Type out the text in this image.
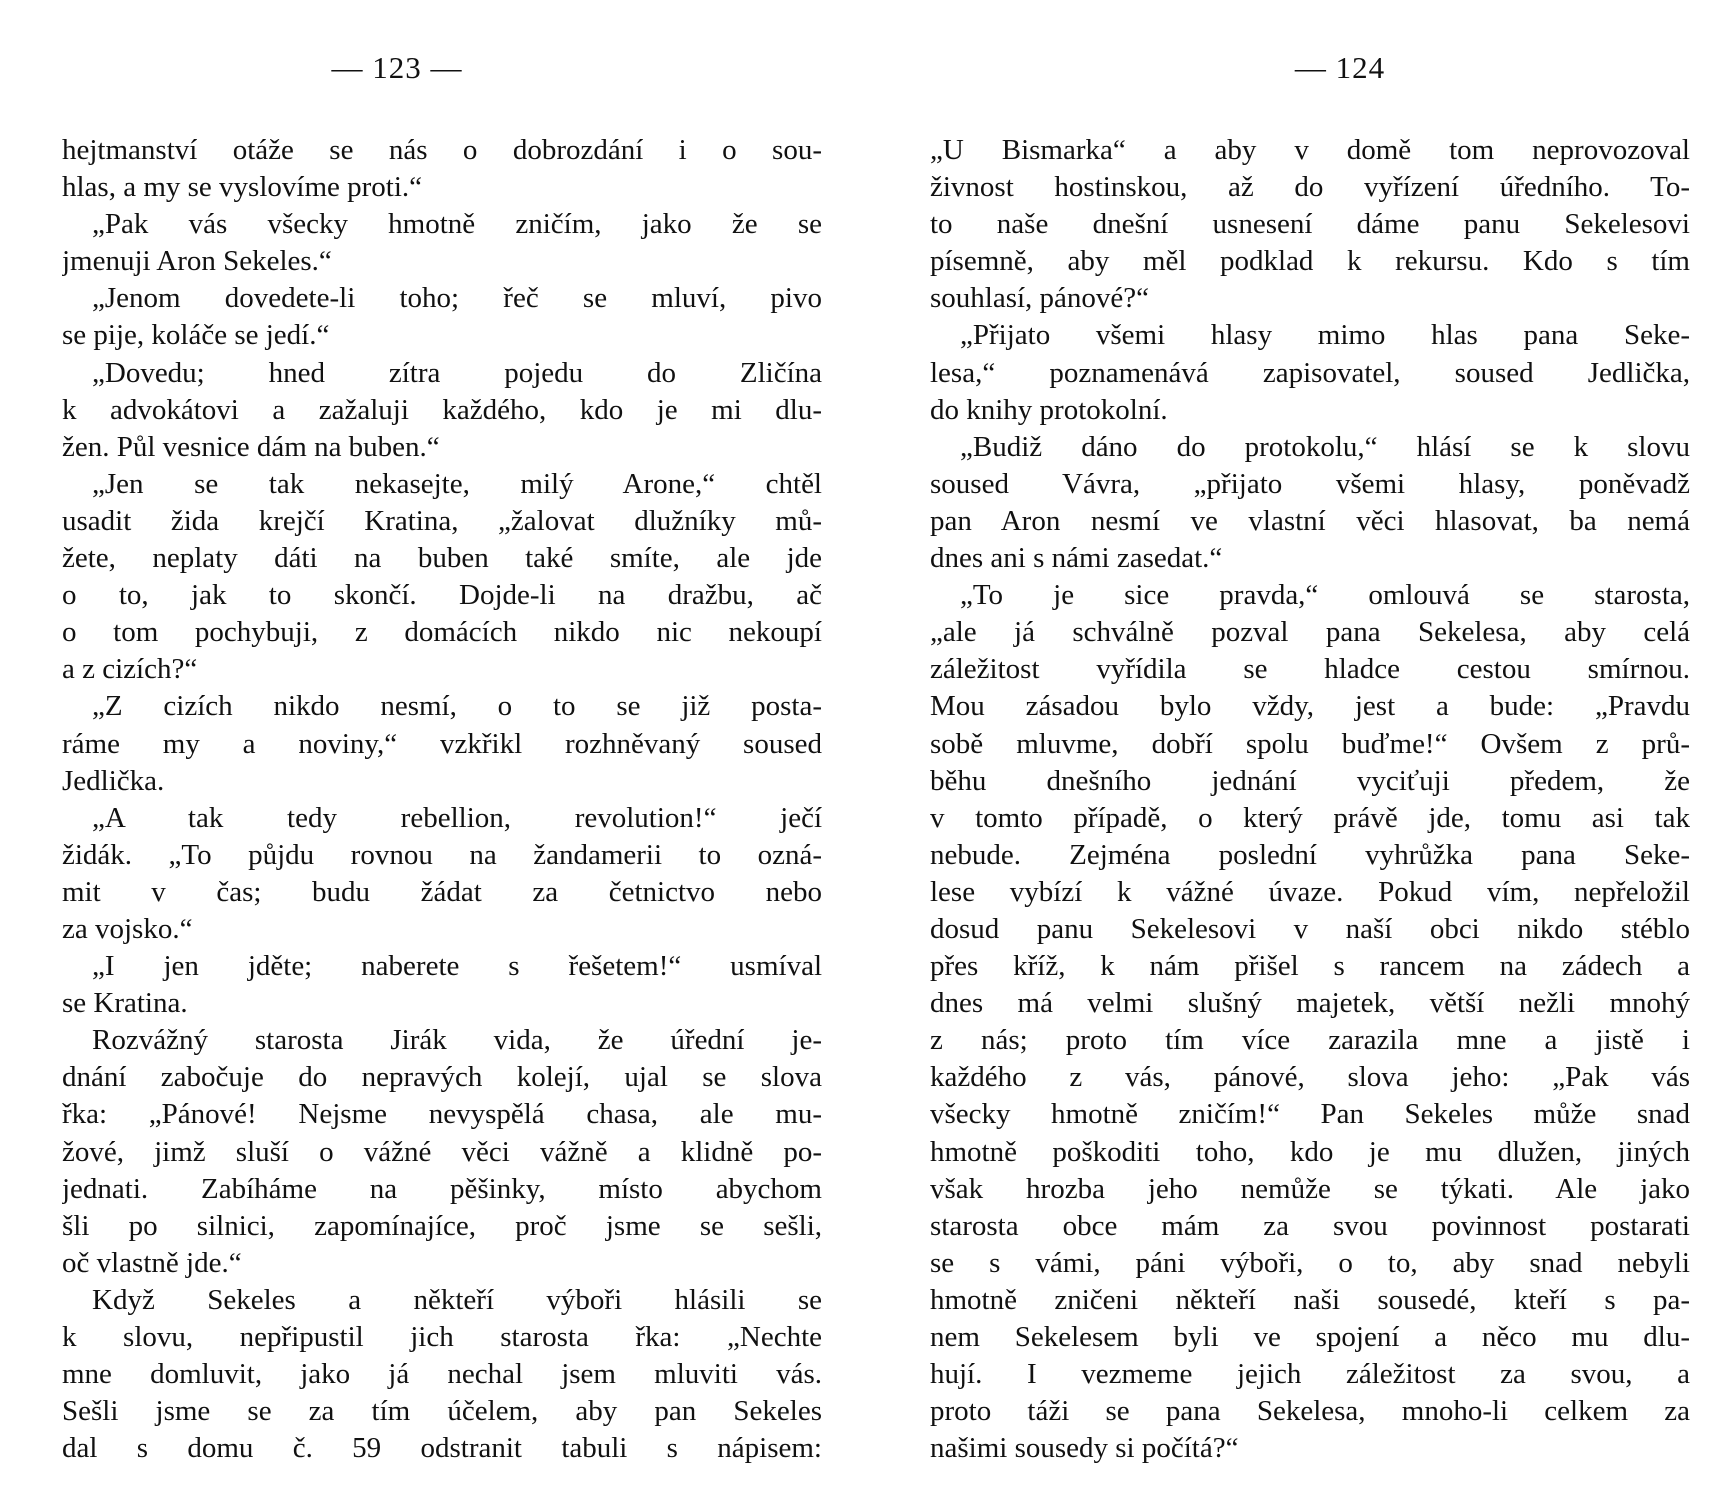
— 123 —
hejtmanství otáže se nás o dobrozdání i o sou-
hlas, a my se vyslovíme proti.“
„Pak vás všecky hmotně zničím, jako že se
jmenuji Aron Sekeles.“
„Jenom dovedete-li toho; řeč se mluví, pivo
se pije, koláče se jedí.“
„Dovedu; hned zítra pojedu do Zličína
k advokátovi a zažaluji každého, kdo je mi dlu-
žen. Půl vesnice dám na buben.“
„Jen se tak nekasejte, milý Arone,“ chtěl
usadit žida krejčí Kratina, „žalovat dlužníky mů-
žete, neplaty dáti na buben také smíte, ale jde
o to, jak to skončí. Dojde-li na dražbu, ač
o tom pochybuji, z domácích nikdo nic nekoupí
a z cizích?“
„Z cizích nikdo nesmí, o to se již posta-
ráme my a noviny,“ vzkřikl rozhněvaný soused
Jedlička.
„A tak tedy rebellion, revolution!“ ječí
židák. „To půjdu rovnou na žandamerii to ozná-
mit v čas; budu žádat za četnictvo nebo
za vojsko.“
„I jen jděte; naberete s řešetem!“ usmíval
se Kratina.
Rozvážný starosta Jirák vida, že úřední je-
dnání zabočuje do nepravých kolejí, ujal se slova
řka: „Pánové! Nejsme nevyspělá chasa, ale mu-
žové, jimž sluší o vážné věci vážně a klidně po-
jednati. Zabíháme na pěšinky, místo abychom
šli po silnici, zapomínajíce, proč jsme se sešli,
oč vlastně jde.“
Když Sekeles a někteří výboři hlásili se
k slovu, nepřipustil jich starosta řka: „Nechte
mne domluvit, jako já nechal jsem mluviti vás.
Sešli jsme se za tím účelem, aby pan Sekeles
dal s domu č. 59 odstranit tabuli s nápisem:
— 124
„U Bismarka“ a aby v domě tom neprovozoval
živnost hostinskou, až do vyřízení úředního. To-
to naše dnešní usnesení dáme panu Sekelesovi
písemně, aby měl podklad k rekursu. Kdo s tím
souhlasí, pánové?“
„Přijato všemi hlasy mimo hlas pana Seke-
lesa,“ poznamenává zapisovatel, soused Jedlička,
do knihy protokolní.
„Budiž dáno do protokolu,“ hlásí se k slovu
soused Vávra, „přijato všemi hlasy, poněvadž
pan Aron nesmí ve vlastní věci hlasovat, ba nemá
dnes ani s námi zasedat.“
„To je sice pravda,“ omlouvá se starosta,
„ale já schválně pozval pana Sekelesa, aby celá
záležitost vyřídila se hladce cestou smírnou.
Mou zásadou bylo vždy, jest a bude: „Pravdu
sobě mluvme, dobří spolu buďme!“ Ovšem z prů-
běhu dnešního jednání vyciťuji předem, že
v tomto případě, o který právě jde, tomu asi tak
nebude. Zejména poslední vyhrůžka pana Seke-
lese vybízí k vážné úvaze. Pokud vím, nepřeložil
dosud panu Sekelesovi v naší obci nikdo stéblo
přes kříž, k nám přišel s rancem na zádech a
dnes má velmi slušný majetek, větší nežli mnohý
z nás; proto tím více zarazila mne a jistě i
každého z vás, pánové, slova jeho: „Pak vás
všecky hmotně zničím!“ Pan Sekeles může snad
hmotně poškoditi toho, kdo je mu dlužen, jiných
však hrozba jeho nemůže se týkati. Ale jako
starosta obce mám za svou povinnost postarati
se s vámi, páni výboři, o to, aby snad nebyli
hmotně zničeni někteří naši sousedé, kteří s pa-
nem Sekelesem byli ve spojení a něco mu dlu-
hují. I vezmeme jejich záležitost za svou, a
proto táži se pana Sekelesa, mnoho-li celkem za
našimi sousedy si počítá?“
